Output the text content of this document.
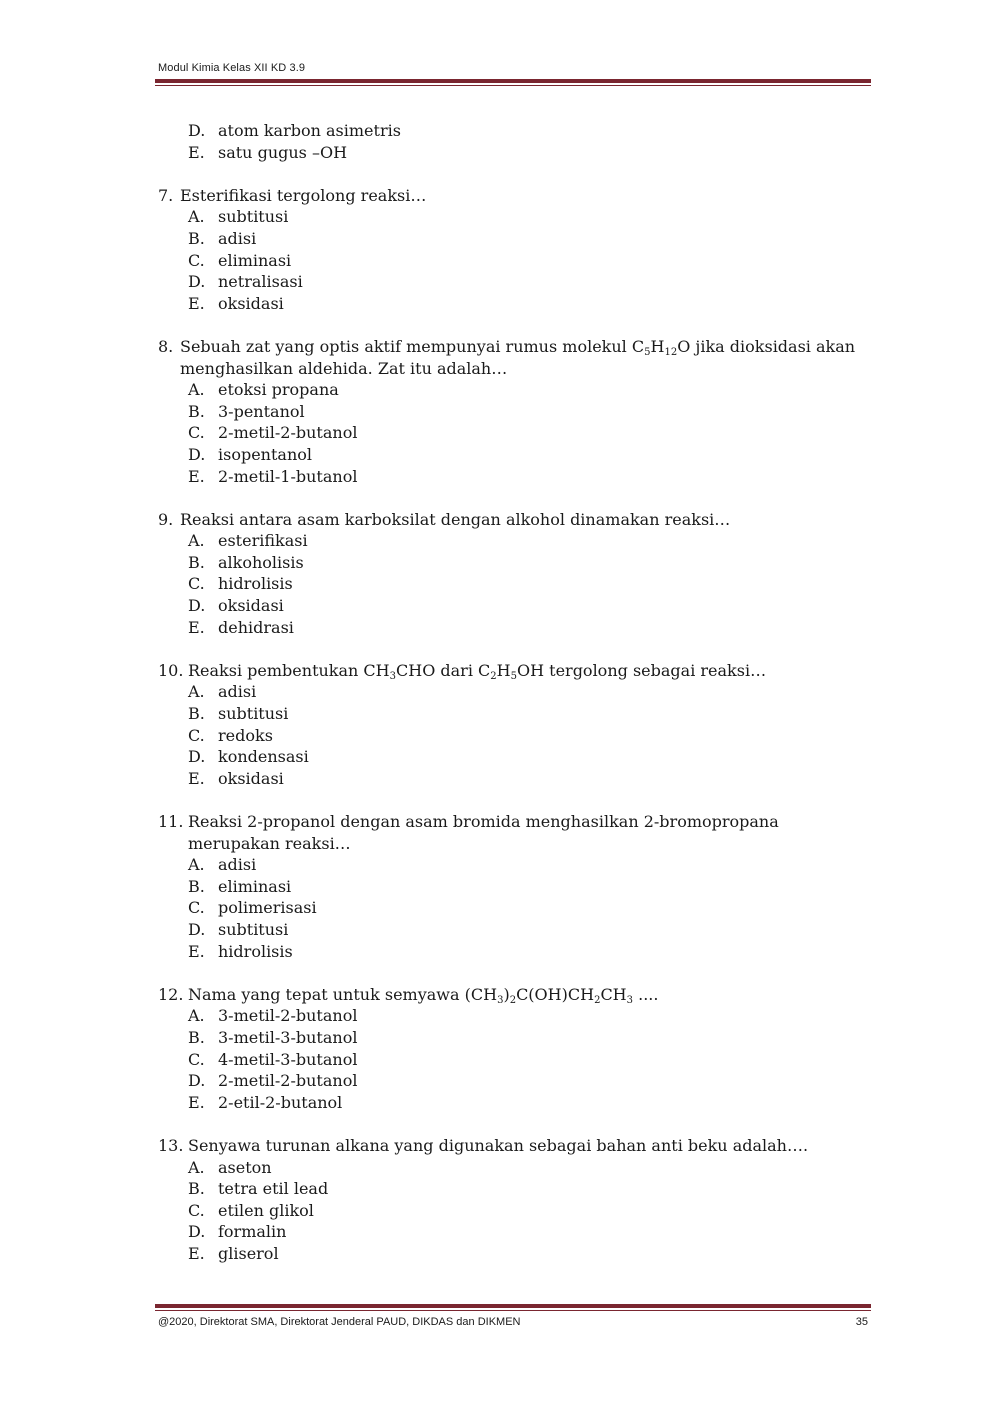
Modul Kimia Kelas XII KD 3.9
D. atom karbon asimetris
E. satu gugus –OH
7. Esterifikasi tergolong reaksi…
A. subtitusi
B. adisi
C. eliminasi
D. netralisasi
E. oksidasi
8. Sebuah zat yang optis aktif mempunyai rumus molekul $C_5H_{12}O$ jika dioksidasi akan menghasilkan aldehida. Zat itu adalah…
A. etoksi propana
B. 3-pentanol
C. 2-metil-2-butanol
D. isopentanol
E. 2-metil-1-butanol
9. Reaksi antara asam karboksilat dengan alkohol dinamakan reaksi…
A. esterifikasi
B. alkoholisis
C. hidrolisis
D. oksidasi
E. dehidrasi
10. Reaksi pembentukan $CH_3CHO$ dari $C_2H_5OH$ tergolong sebagai reaksi…
A. adisi
B. subtitusi
C. redoks
D. kondensasi
E. oksidasi
11. Reaksi 2-propanol dengan asam bromida menghasilkan 2-bromopropana merupakan reaksi…
A. adisi
B. eliminasi
C. polimerisasi
D. subtitusi
E. hidrolisis
12. Nama yang tepat untuk semyawa $(CH_3)_2C(OH)CH_2CH_3$ ....
A. 3-metil-2-butanol
B. 3-metil-3-butanol
C. 4-metil-3-butanol
D. 2-metil-2-butanol
E. 2-etil-2-butanol
13. Senyawa turunan alkana yang digunakan sebagai bahan anti beku adalah….
A. aseton
B. tetra etil lead
C. etilen glikol
D. formalin
E. gliserol
@2020, Direktorat SMA, Direktorat Jenderal PAUD, DIKDAS dan DIKMEN	35
